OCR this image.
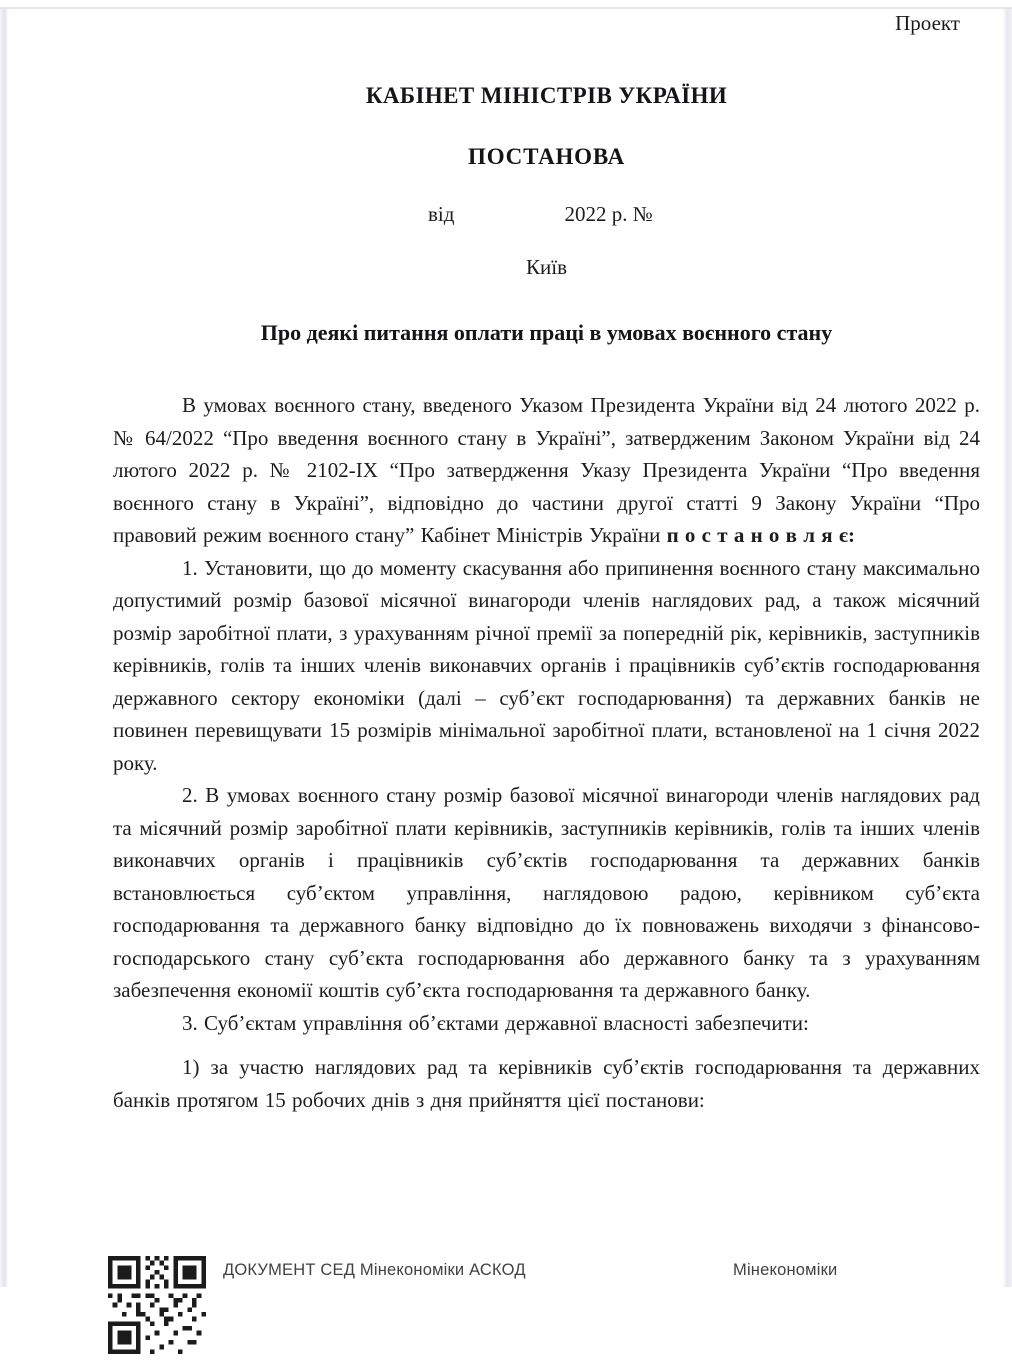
Проект
КАБІНЕТ МІНІСТРІВ УКРАЇНИ
ПОСТАНОВА
від	2022 р. №
Київ
Про деякі питання оплати праці в умовах воєнного стану

В умовах воєнного стану, введеного Указом Президента України від 24 лютого 2022 р. № 64/2022 “Про введення воєнного стану в Україні”, затвердженим Законом України від 24 лютого 2022 р. № 2102-IX “Про затвердження Указу Президента України “Про введення воєнного стану в Україні”, відповідно до частини другої статті 9 Закону України “Про правовий режим воєнного стану” Кабінет Міністрів України п о с т а н о в л я є:

1. Установити, що до моменту скасування або припинення воєнного стану максимально допустимий розмір базової місячної винагороди членів наглядових рад, а також місячний розмір заробітної плати, з урахуванням річної премії за попередній рік, керівників, заступників керівників, голів та інших членів виконавчих органів і працівників суб’єктів господарювання державного сектору економіки (далі – суб’єкт господарювання) та державних банків не повинен перевищувати 15 розмірів мінімальної заробітної плати, встановленої на 1 січня 2022 року.

2. В умовах воєнного стану розмір базової місячної винагороди членів наглядових рад та місячний розмір заробітної плати керівників, заступників керівників, голів та інших членів виконавчих органів і працівників суб’єктів господарювання та державних банків встановлюється суб’єктом управління, наглядовою радою, керівником суб’єкта господарювання та державного банку відповідно до їх повноважень виходячи з фінансово-господарського стану суб’єкта господарювання або державного банку та з урахуванням забезпечення економії коштів суб’єкта господарювання та державного банку.

3. Суб’єктам управління об’єктами державної власності забезпечити:

1) за участю наглядових рад та керівників суб’єктів господарювання та державних банків протягом 15 робочих днів з дня прийняття цієї постанови:

ДОКУМЕНТ СЕД Мінекономіки АСКОД	Мінекономіки
